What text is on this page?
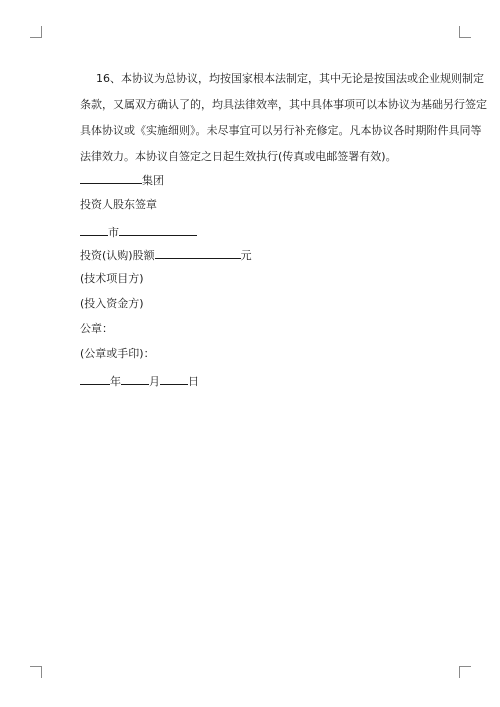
16、本协议为总协议，均按国家根本法制定，其中无论是按国法或企业规则制定
条款，又属双方确认了的，均具法律效率，其中具体事项可以本协议为基础另行签定
具体协议或《实施细则》。未尽事宜可以另行补充修定。凡本协议各时期附件具同等
法律效力。本协议自签定之日起生效执行(传真或电邮签署有效)。
集团
投资人股东签章
市
投资(认购)股额	元
(技术项目方)
(投入资金方)
公章：
(公章或手印)：
年	月	日
